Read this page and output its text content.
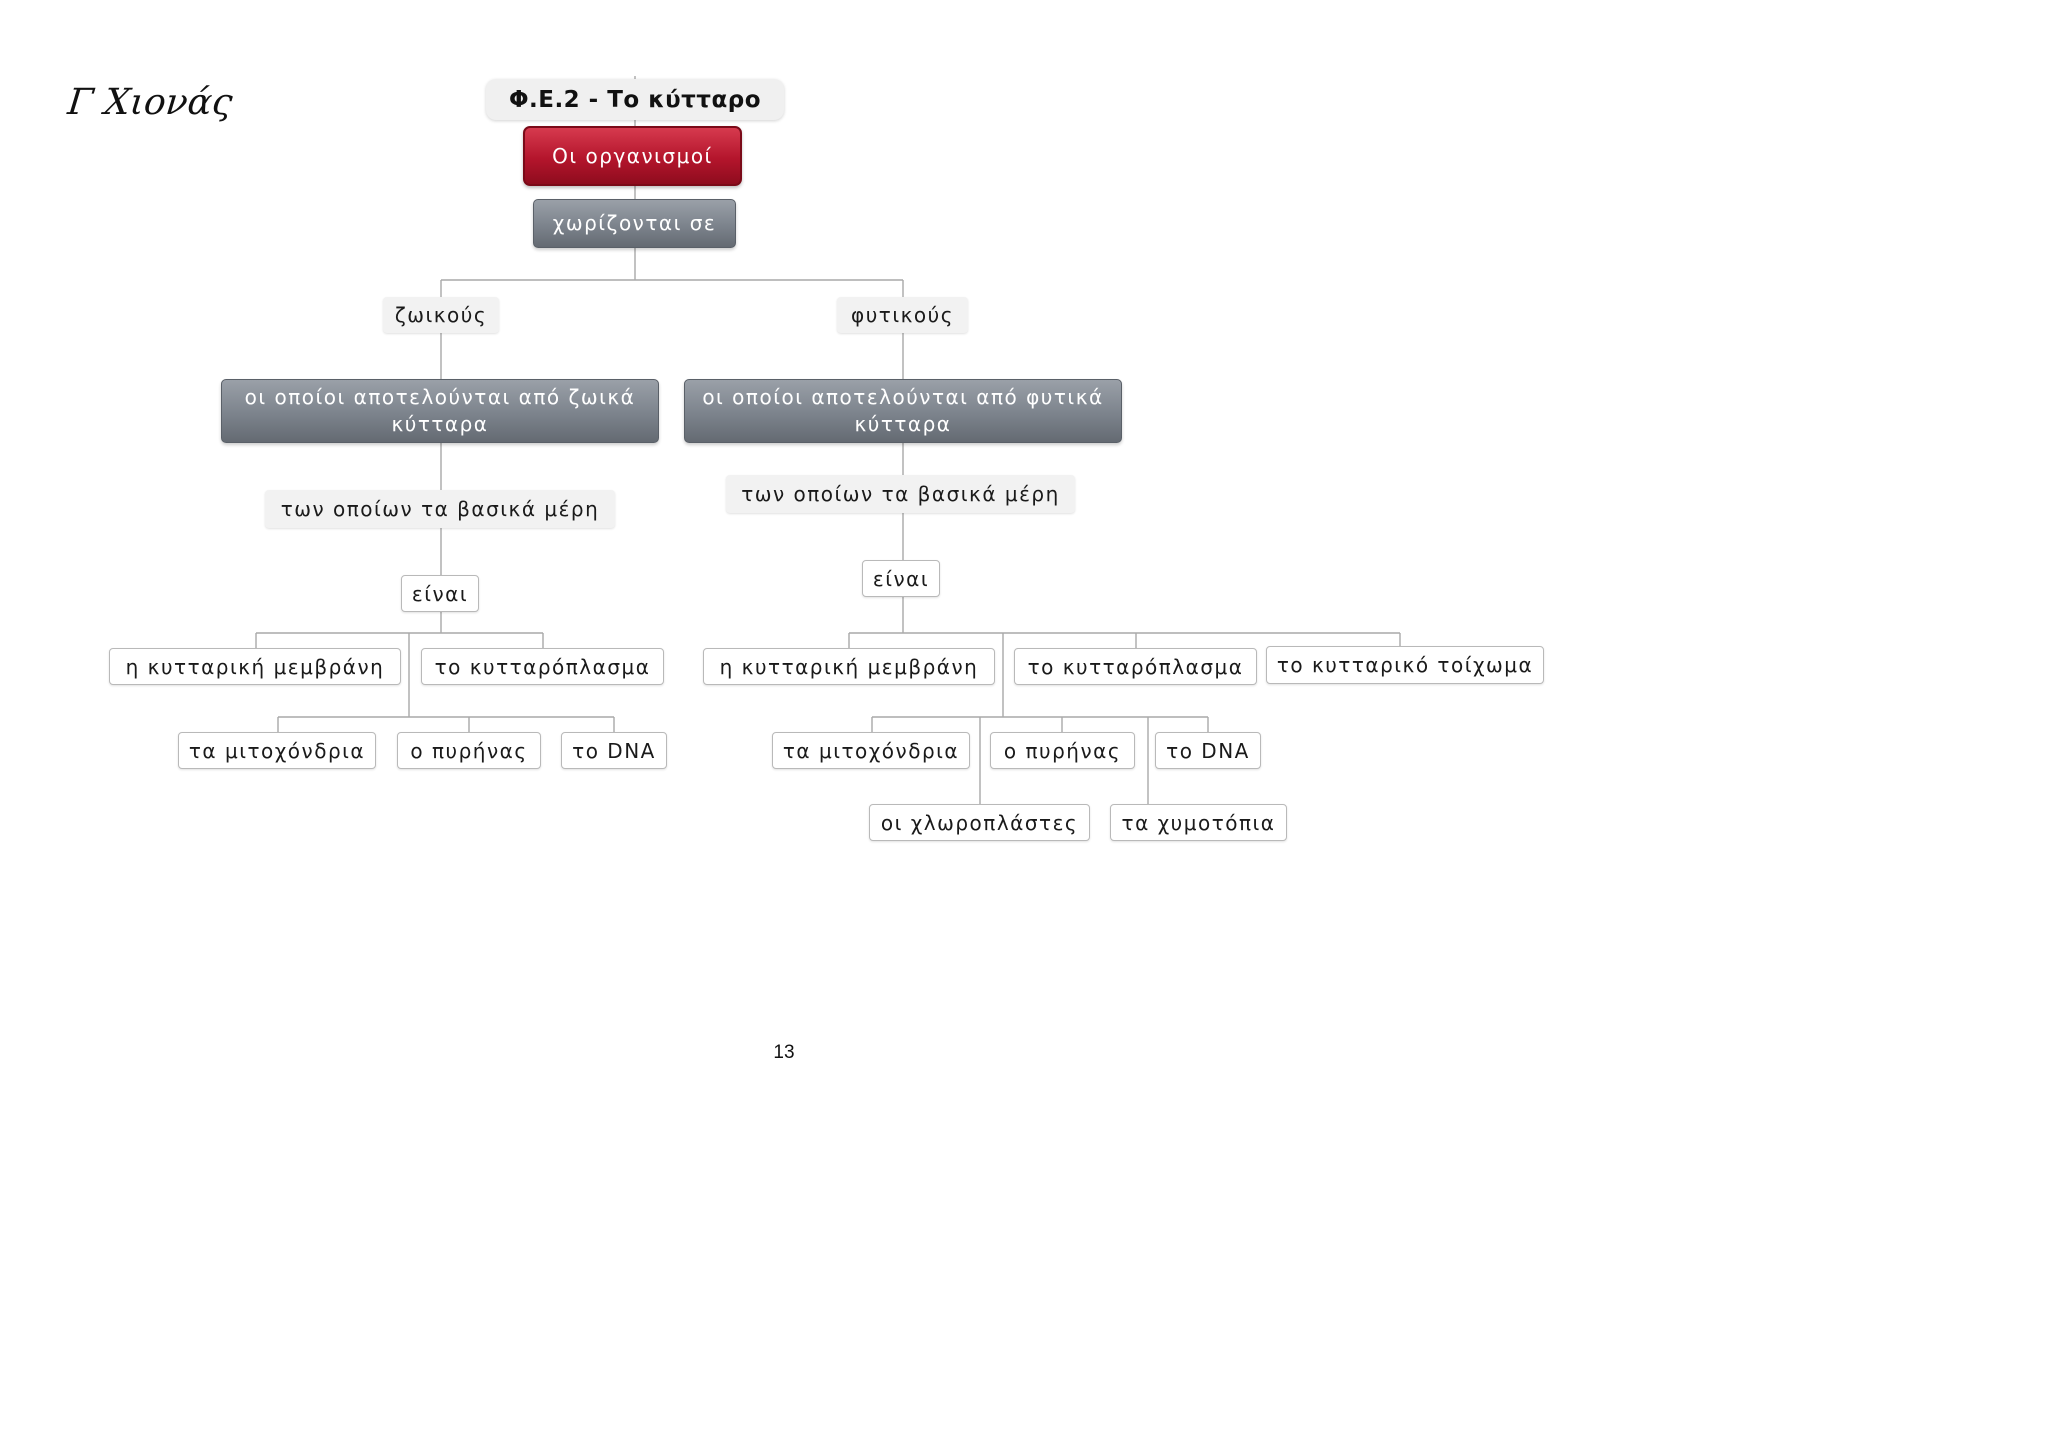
Γ Χιονάς	Φ.Ε.2 - Το κύτταρο
Οι οργανισμοί
χωρίζονται σε
ζωικούς	φυτικούς
οι οποίοι αποτελούνται από ζωικά κύτταρα
οι οποίοι αποτελούνται από φυτικά κύτταρα
των οποίων τα βασικά μέρη
των οποίων τα βασικά μέρη
είναι
είναι
η κυτταρική μεμβράνη	το κυτταρόπλασμα
τα μιτοχόνδρια	ο πυρήνας	το DNA
η κυτταρική μεμβράνη	το κυτταρόπλασμα	το κυτταρικό τοίχωμα
τα μιτοχόνδρια	ο πυρήνας	το DNA
οι χλωροπλάστες	τα χυμοτόπια
13
